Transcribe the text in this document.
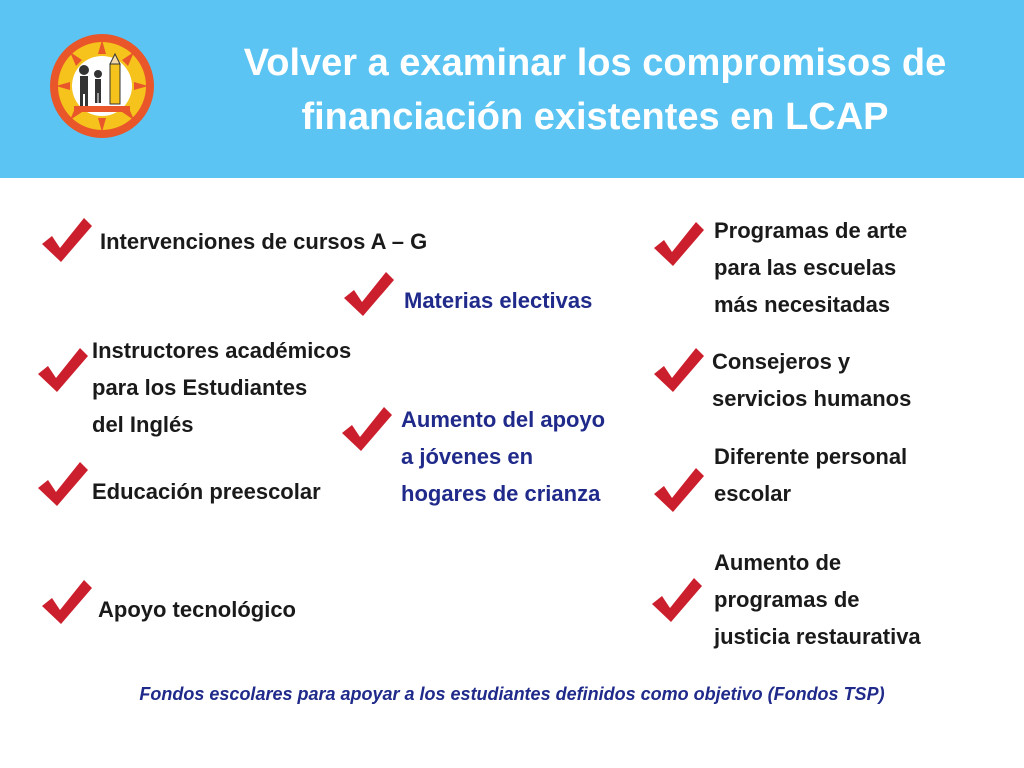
Volver a examinar los compromisos de
financiación existentes en LCAP
Intervenciones de cursos A – G
Materias electivas
Programas de arte
para las escuelas
más necesitadas
Instructores académicos
para los Estudiantes
del Inglés
Consejeros y
servicios humanos
Aumento del apoyo
a jóvenes en
hogares de crianza
Educación preescolar
Diferente personal
escolar
Apoyo tecnológico
Aumento de
programas de
justicia restaurativa

Fondos escolares para apoyar a los estudiantes definidos como objetivo (Fondos TSP)
